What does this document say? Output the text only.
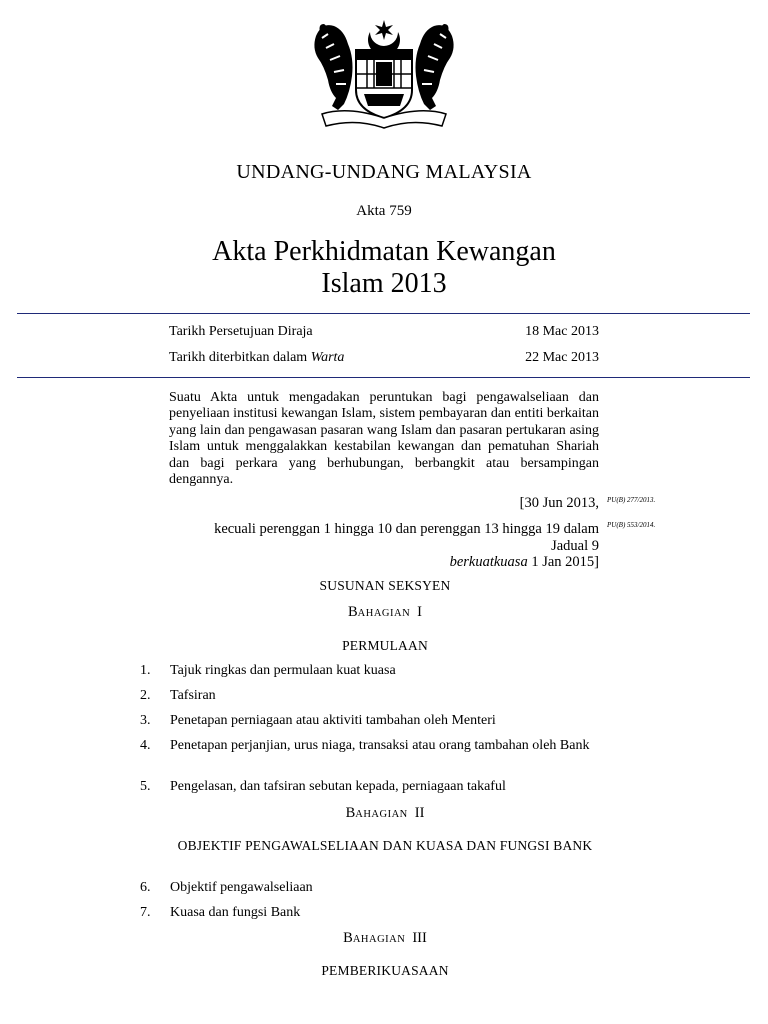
UNDANG-UNDANG MALAYSIA
Akta 759
Akta Perkhidmatan Kewangan
Islam 2013
Tarikh Persetujuan Diraja	18 Mac 2013
Tarikh diterbitkan dalam Warta	22 Mac 2013
Suatu Akta untuk mengadakan peruntukan bagi pengawalseliaan dan penyeliaan institusi kewangan Islam, sistem pembayaran dan entiti berkaitan yang lain dan pengawasan pasaran wang Islam dan pasaran pertukaran asing Islam untuk menggalakkan kestabilan kewangan dan pematuhan Shariah dan bagi perkara yang berhubungan, berbangkit atau bersampingan dengannya.
[30 Jun 2013, PU(B) 277/2013.
kecuali perenggan 1 hingga 10 dan perenggan 13 hingga 19 dalam
Jadual 9
berkuatkuasa 1 Jan 2015]
PU(B) 553/2014.
SUSUNAN SEKSYEN
BAHAGIAN I
PERMULAAN
1.	Tajuk ringkas dan permulaan kuat kuasa
2.	Tafsiran
3.	Penetapan perniagaan atau aktiviti tambahan oleh Menteri
4.	Penetapan perjanjian, urus niaga, transaksi atau orang tambahan oleh Bank
5.	Pengelasan, dan tafsiran sebutan kepada, perniagaan takaful
BAHAGIAN II
OBJEKTIF PENGAWALSELIAAN DAN KUASA DAN FUNGSI BANK
6.	Objektif pengawalseliaan
7.	Kuasa dan fungsi Bank
BAHAGIAN III
PEMBERIKUASAAN
